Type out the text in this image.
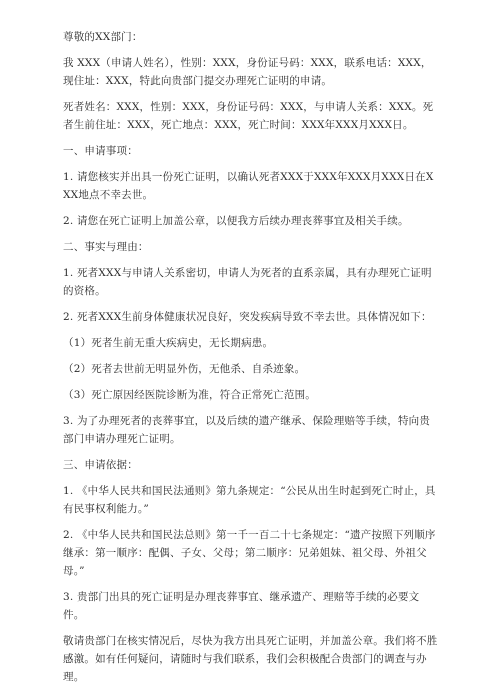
尊敬的XX部门：

我 XXX（申请人姓名），性别：XXX，身份证号码：XXX，联系电话：XXX，现住址：XXX，特此向贵部门提交办理死亡证明的申请。

死者姓名：XXX，性别：XXX，身份证号码：XXX，与申请人关系：XXX。死者生前住址：XXX，死亡地点：XXX，死亡时间：XXX年XXX月XXX日。

一、申请事项：

1. 请您核实并出具一份死亡证明，以确认死者XXX于XXX年XXX月XXX日在XXX地点不幸去世。

2. 请您在死亡证明上加盖公章，以便我方后续办理丧葬事宜及相关手续。

二、事实与理由：

1. 死者XXX与申请人关系密切，申请人为死者的直系亲属，具有办理死亡证明的资格。

2. 死者XXX生前身体健康状况良好，突发疾病导致不幸去世。具体情况如下：

（1）死者生前无重大疾病史，无长期病患。

（2）死者去世前无明显外伤，无他杀、自杀迹象。

（3）死亡原因经医院诊断为准，符合正常死亡范围。

3. 为了办理死者的丧葬事宜，以及后续的遗产继承、保险理赔等手续，特向贵部门申请办理死亡证明。

三、申请依据：

1. 《中华人民共和国民法通则》第九条规定：“公民从出生时起到死亡时止，具有民事权利能力。”

2. 《中华人民共和国民法总则》第一千一百二十七条规定：“遗产按照下列顺序继承：第一顺序：配偶、子女、父母；第二顺序：兄弟姐妹、祖父母、外祖父母。”

3. 贵部门出具的死亡证明是办理丧葬事宜、继承遗产、理赔等手续的必要文件。

敬请贵部门在核实情况后，尽快为我方出具死亡证明，并加盖公章。我们将不胜感激。如有任何疑问，请随时与我们联系，我们会积极配合贵部门的调查与办理。
